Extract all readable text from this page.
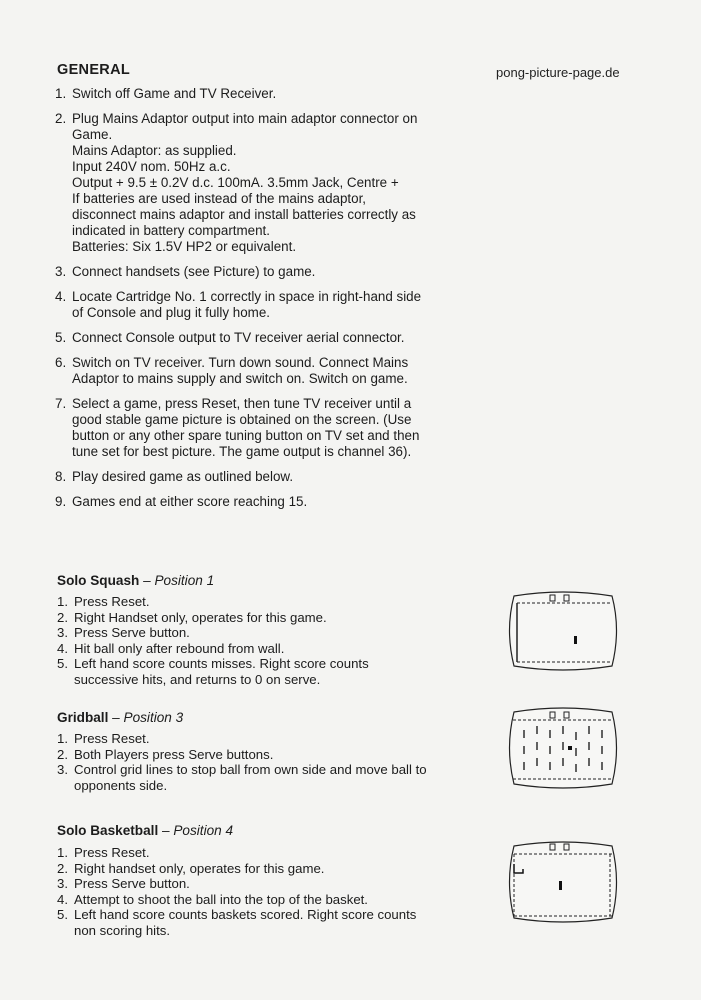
pong-picture-page.de
GENERAL
1. Switch off Game and TV Receiver.
2. Plug Mains Adaptor output into main adaptor connector on Game.
Mains Adaptor: as supplied.
Input 240V nom. 50Hz a.c.
Output + 9.5 ± 0.2V d.c. 100mA. 3.5mm Jack, Centre +
If batteries are used instead of the mains adaptor, disconnect mains adaptor and install batteries correctly as indicated in battery compartment.
Batteries: Six 1.5V HP2 or equivalent.
3. Connect handsets (see Picture) to game.
4. Locate Cartridge No. 1 correctly in space in right-hand side of Console and plug it fully home.
5. Connect Console output to TV receiver aerial connector.
6. Switch on TV receiver. Turn down sound. Connect Mains Adaptor to mains supply and switch on. Switch on game.
7. Select a game, press Reset, then tune TV receiver until a good stable game picture is obtained on the screen. (Use button or any other spare tuning button on TV set and then tune set for best picture. The game output is channel 36).
8. Play desired game as outlined below.
9. Games end at either score reaching 15.
Solo Squash – Position 1
1. Press Reset.
2. Right Handset only, operates for this game.
3. Press Serve button.
4. Hit ball only after rebound from wall.
5. Left hand score counts misses. Right score counts successive hits, and returns to 0 on serve.
Gridball – Position 3
1. Press Reset.
2. Both Players press Serve buttons.
3. Control grid lines to stop ball from own side and move ball to opponents side.
Solo Basketball – Position 4
1. Press Reset.
2. Right handset only, operates for this game.
3. Press Serve button.
4. Attempt to shoot the ball into the top of the basket.
5. Left hand score counts baskets scored. Right score counts non scoring hits.
